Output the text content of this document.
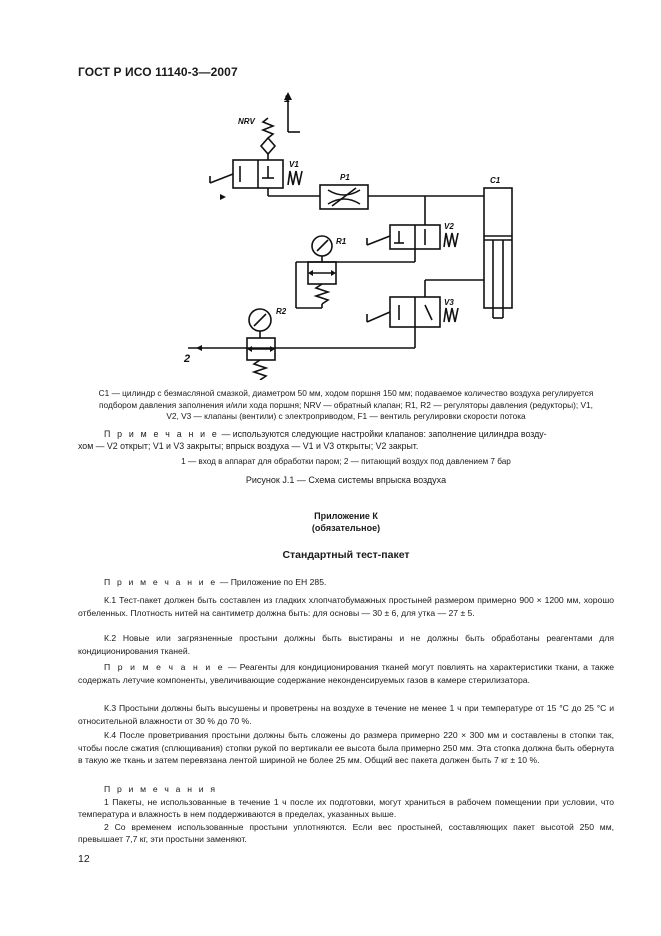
ГОСТ Р ИСО 11140-3—2007
NRV
V1
P1	C1
V2
R1
V3
R2
1
2

C1 — цилиндр с безмасляной смазкой, диаметром 50 мм, ходом поршня 150 мм; подаваемое количество воздуха регулируется

подбором давления заполнения и/или хода поршня; NRV — обратный клапан; R1, R2 — регуляторы давления (редукторы); V1,

V2, V3 — клапаны (вентили) с электроприводом, F1 — вентиль регулировки скорости потока

П р и м е ч а н и е — используются следующие настройки клапанов: заполнение цилиндра возду-

хом — V2 открыт; V1 и V3 закрыты; впрыск воздуха — V1 и V3 открыты; V2 закрыт.

1 — вход в аппарат для обработки паром; 2 — питающий воздух под давлением 7 бар
Рисунок J.1 — Схема системы впрыска воздуха
Приложение К
(обязательное)
Стандартный тест-пакет
П р и м е ч а н и е — Приложение по ЕН 285.
К.1 Тест-пакет должен быть составлен из гладких хлопчатобумажных простыней размером примерно 900 × 1200 мм, хорошо отбеленных. Плотность нитей на сантиметр должна быть: для основы — 30 ± 6, для утка — 27 ± 5.
К.2 Новые или загрязненные простыни должны быть выстираны и не должны быть обработаны реагентами для кондиционирования тканей.
П р и м е ч а н и е — Реагенты для кондиционирования тканей могут повлиять на характеристики ткани, а также содержать летучие компоненты, увеличивающие содержание неконденсируемых газов в камере стерилизатора.
К.3 Простыни должны быть высушены и проветрены на воздухе в течение не менее 1 ч при температуре от 15 °С до 25 °С и относительной влажности от 30 % до 70 %.
К.4 После проветривания простыни должны быть сложены до размера примерно 220 × 300 мм и составлены в стопки так, чтобы после сжатия (сплющивания) стопки рукой по вертикали ее высота была примерно 250 мм. Эта стопка должна быть обернута в такую же ткань и затем перевязана лентой шириной не более 25 мм. Общий вес пакета должен быть 7 кг ± 10 %.

П р и м е ч а н и я

1 Пакеты, не использованные в течение 1 ч после их подготовки, могут храниться в рабочем помещении при условии, что температура и влажность в нем поддерживаются в пределах, указанных выше.

2 Со временем использованные простыни уплотняются. Если вес простыней, составляющих пакет высотой 250 мм, превышает 7,7 кг, эти простыни заменяют.

12
